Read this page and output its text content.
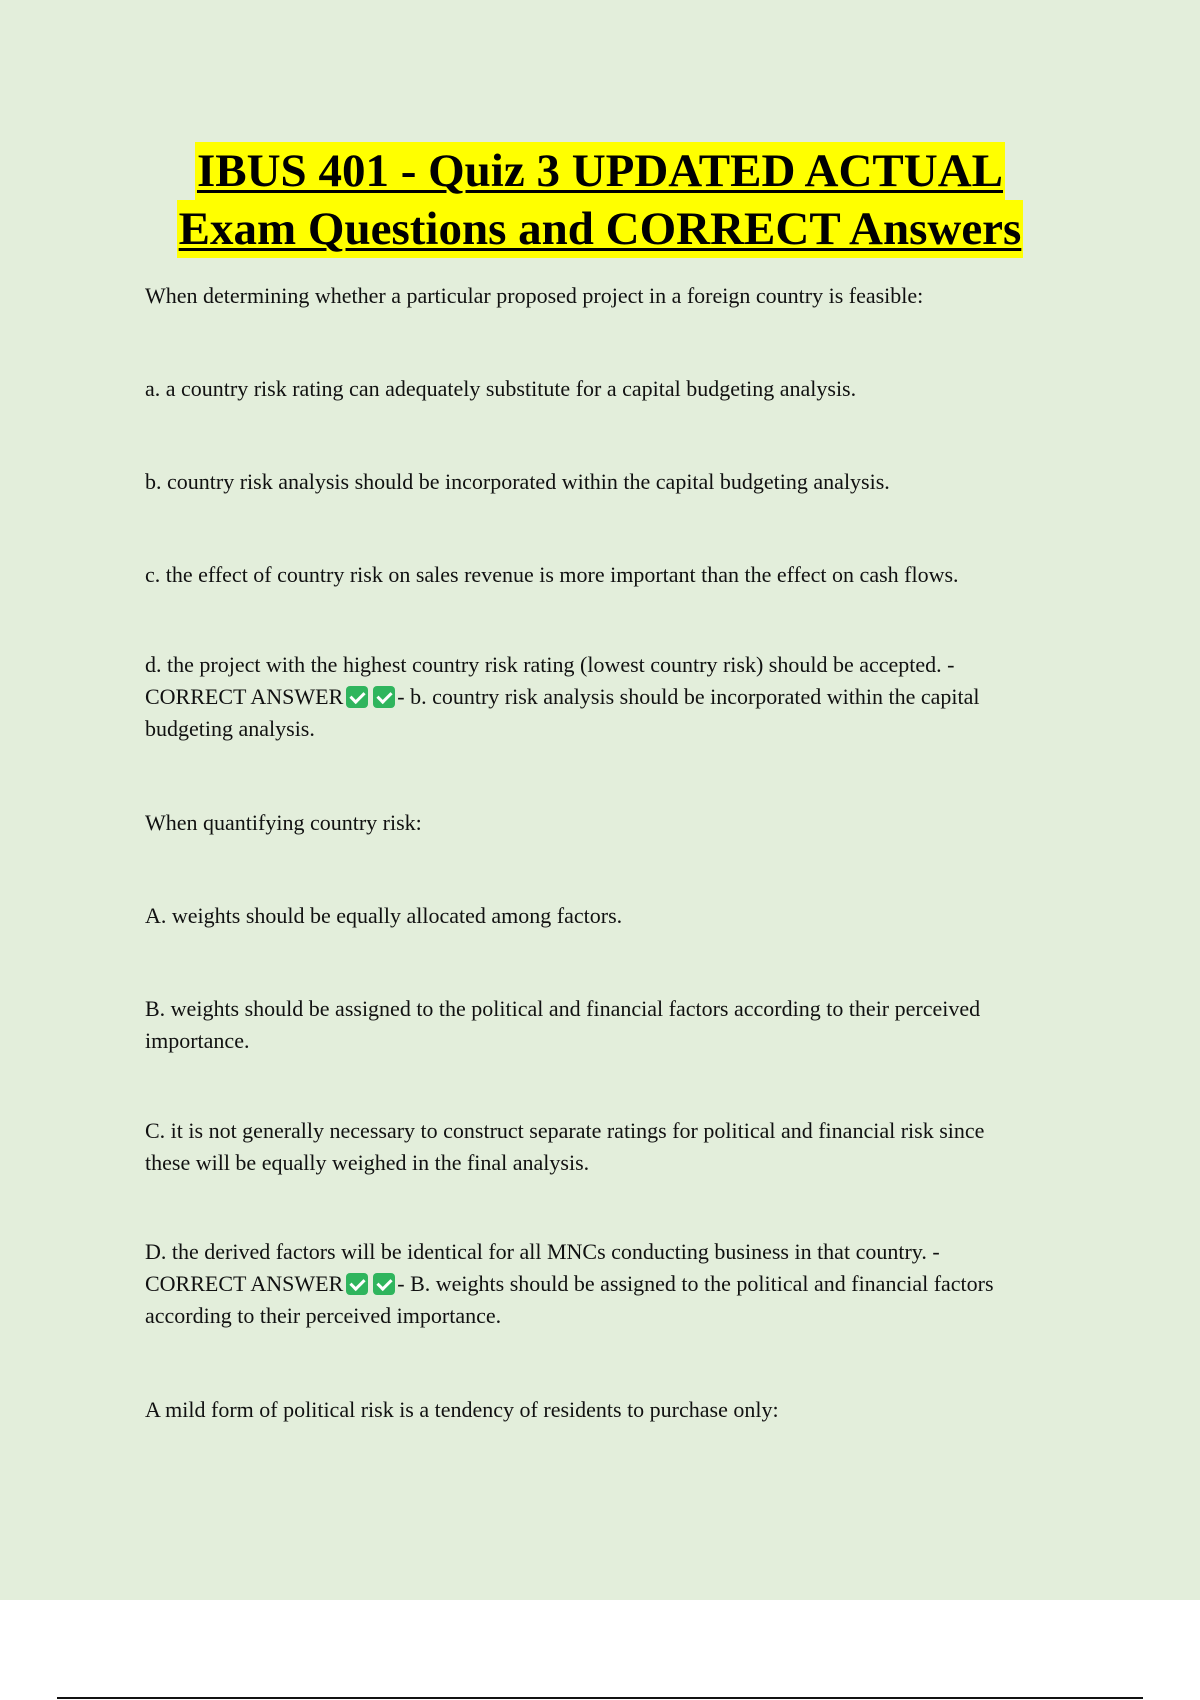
IBUS 401 - Quiz 3 UPDATED ACTUAL
Exam Questions and CORRECT Answers
When determining whether a particular proposed project in a foreign country is feasible:
a. a country risk rating can adequately substitute for a capital budgeting analysis.
b. country risk analysis should be incorporated within the capital budgeting analysis.
c. the effect of country risk on sales revenue is more important than the effect on cash flows.
d. the project with the highest country risk rating (lowest country risk) should be accepted. -
CORRECT ANSWER - b. country risk analysis should be incorporated within the capital
budgeting analysis.
When quantifying country risk:
A. weights should be equally allocated among factors.
B. weights should be assigned to the political and financial factors according to their perceived
importance.
C. it is not generally necessary to construct separate ratings for political and financial risk since
these will be equally weighed in the final analysis.
D. the derived factors will be identical for all MNCs conducting business in that country. -
CORRECT ANSWER - B. weights should be assigned to the political and financial factors
according to their perceived importance.
A mild form of political risk is a tendency of residents to purchase only:
